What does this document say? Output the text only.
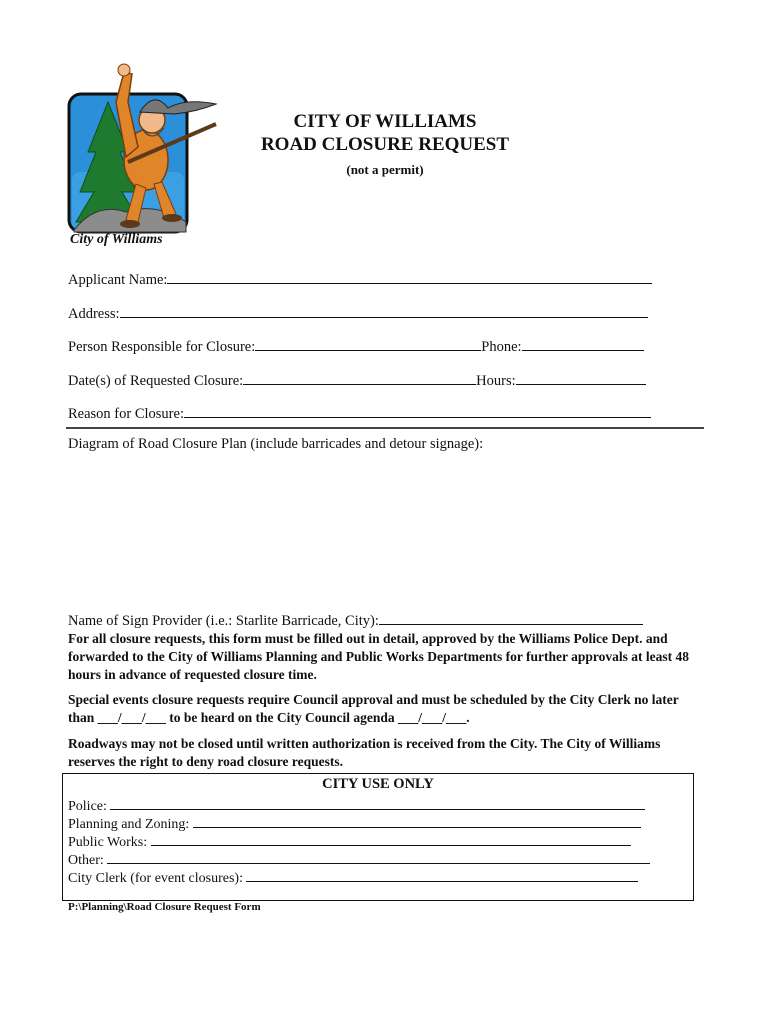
City of Williams
CITY OF WILLIAMS
ROAD CLOSURE REQUEST
(not a permit)
Applicant Name:
Address:
Person Responsible for Closure:	Phone:
Date(s) of Requested Closure:	Hours:
Reason for Closure:
Diagram of Road Closure Plan (include barricades and detour signage):
Name of Sign Provider (i.e.: Starlite Barricade, City):
For all closure requests, this form must be filled out in detail, approved by the Williams Police Dept. and forwarded to the City of Williams Planning and Public Works Departments for further approvals at least 48 hours in advance of requested closure time.
Special events closure requests require Council approval and must be scheduled by the City Clerk no later than ___/___/___ to be heard on the City Council agenda ___/___/___.
Roadways may not be closed until written authorization is received from the City. The City of Williams reserves the right to deny road closure requests.
CITY USE ONLY
Police:
Planning and Zoning:
Public Works:
Other:
City Clerk (for event closures):
P:\Planning\Road Closure Request Form
